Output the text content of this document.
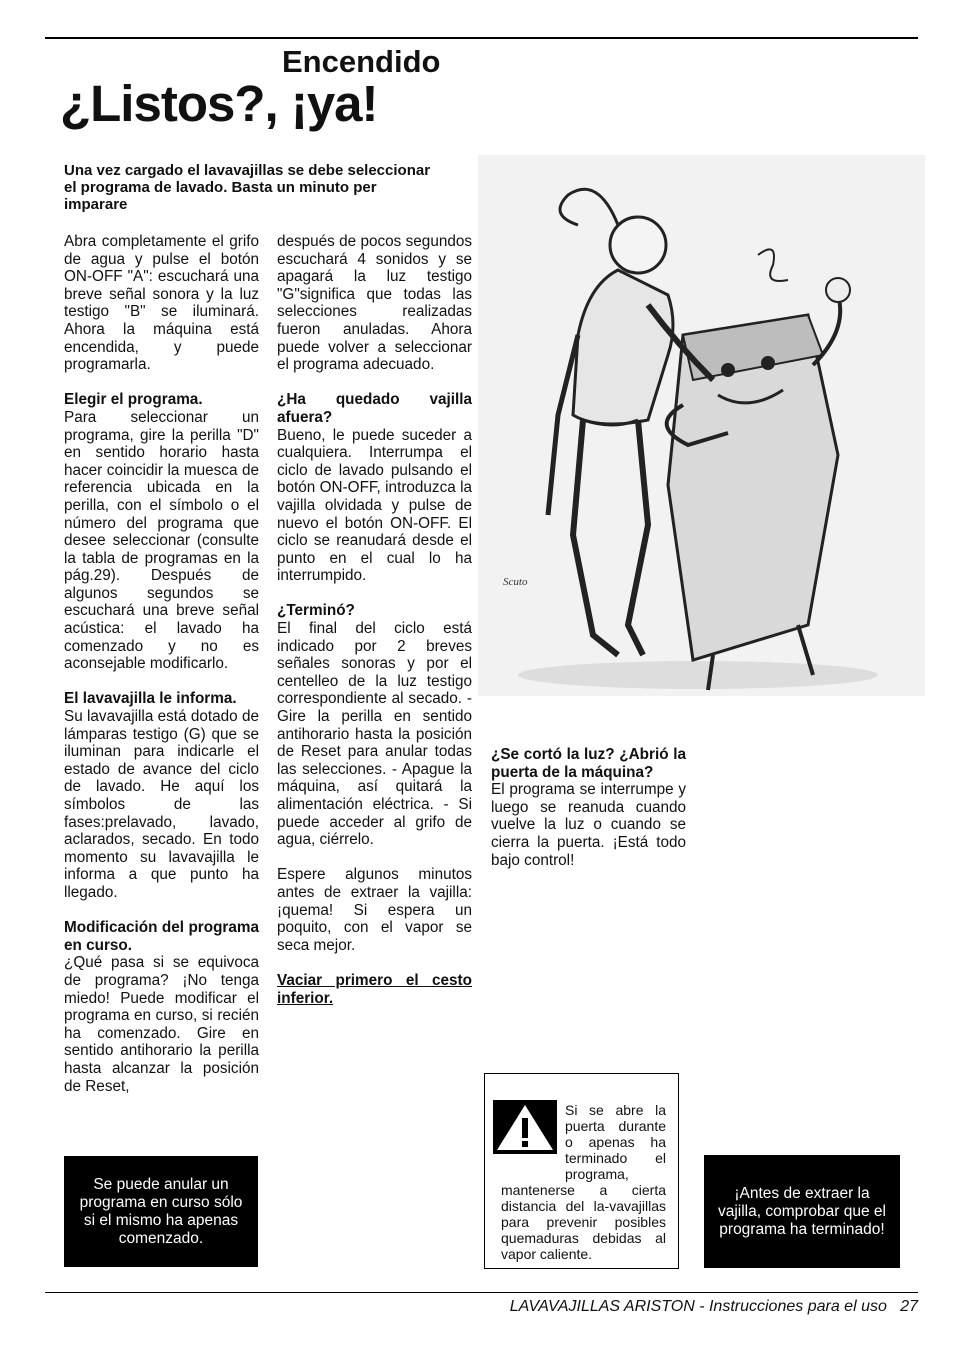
Encendido
¿Listos?, ¡ya!

Una vez cargado el lavavajillas se debe seleccionar el programa de lavado. Basta un minuto per imparare

Abra completamente el grifo de agua y pulse el botón ON-OFF "A": escuchará una breve señal sonora y la luz testigo "B" se iluminará. Ahora la máquina está encendida, y puede programarla.

Elegir el programa.
Para seleccionar un programa, gire la perilla "D" en sentido horario hasta hacer coincidir la muesca de referencia ubicada en la perilla, con el símbolo o el número del programa que desee seleccionar (consulte la tabla de programas en la pág.29). Después de algunos segundos se escuchará una breve señal acústica: el lavado ha comenzado y no es aconsejable modificarlo.

El lavavajilla le informa.
Su lavavajilla está dotado de lámparas testigo (G) que se iluminan para indicarle el estado de avance del ciclo de lavado. He aquí los símbolos de las fases:prelavado, lavado, aclarados, secado. En todo momento su lavavajilla le informa a que punto ha llegado.

Modificación del programa en curso.
¿Qué pasa si se equivoca de programa? ¡No tenga miedo! Puede modificar el programa en curso, si recién ha comenzado. Gire en sentido antihorario la perilla hasta alcanzar la posición de Reset,

después de pocos segundos escuchará 4 sonidos y se apagará la luz testigo "G"significa que todas las selecciones realizadas fueron anuladas. Ahora puede volver a seleccionar el programa adecuado.

¿Ha quedado vajilla afuera?
Bueno, le puede suceder a cualquiera. Interrumpa el ciclo de lavado pulsando el botón ON-OFF, introduzca la vajilla olvidada y pulse de nuevo el botón ON-OFF. El ciclo se reanudará desde el punto en el cual lo ha interrumpido.

¿Terminó?
El final del ciclo está indicado por 2 breves señales sonoras y por el centelleo de la luz testigo correspondiente al secado. - Gire la perilla en sentido antihorario hasta la posición de Reset para anular todas las selecciones. - Apague la máquina, así quitará la alimentación eléctrica. - Si puede acceder al grifo de agua, ciérrelo.

Espere algunos minutos antes de extraer la vajilla: ¡quema! Si espera un poquito, con el vapor se seca mejor.

Vaciar primero el cesto inferior.

Scuto

¿Se cortó la luz? ¿Abrió la puerta de la máquina?
El programa se interrumpe y luego se reanuda cuando vuelve la luz o cuando se cierra la puerta. ¡Está todo bajo control!

Se puede anular un programa en curso sólo si el mismo ha apenas comenzado.
Si se abre la puerta durante o apenas ha terminado el programa, mantenerse a cierta distancia del la-vavajillas para prevenir posibles quemaduras debidas al vapor caliente.
¡Antes de extraer la vajilla, comprobar que el programa ha terminado!
LAVAVAJILLAS ARISTON - Instrucciones para el uso   27
